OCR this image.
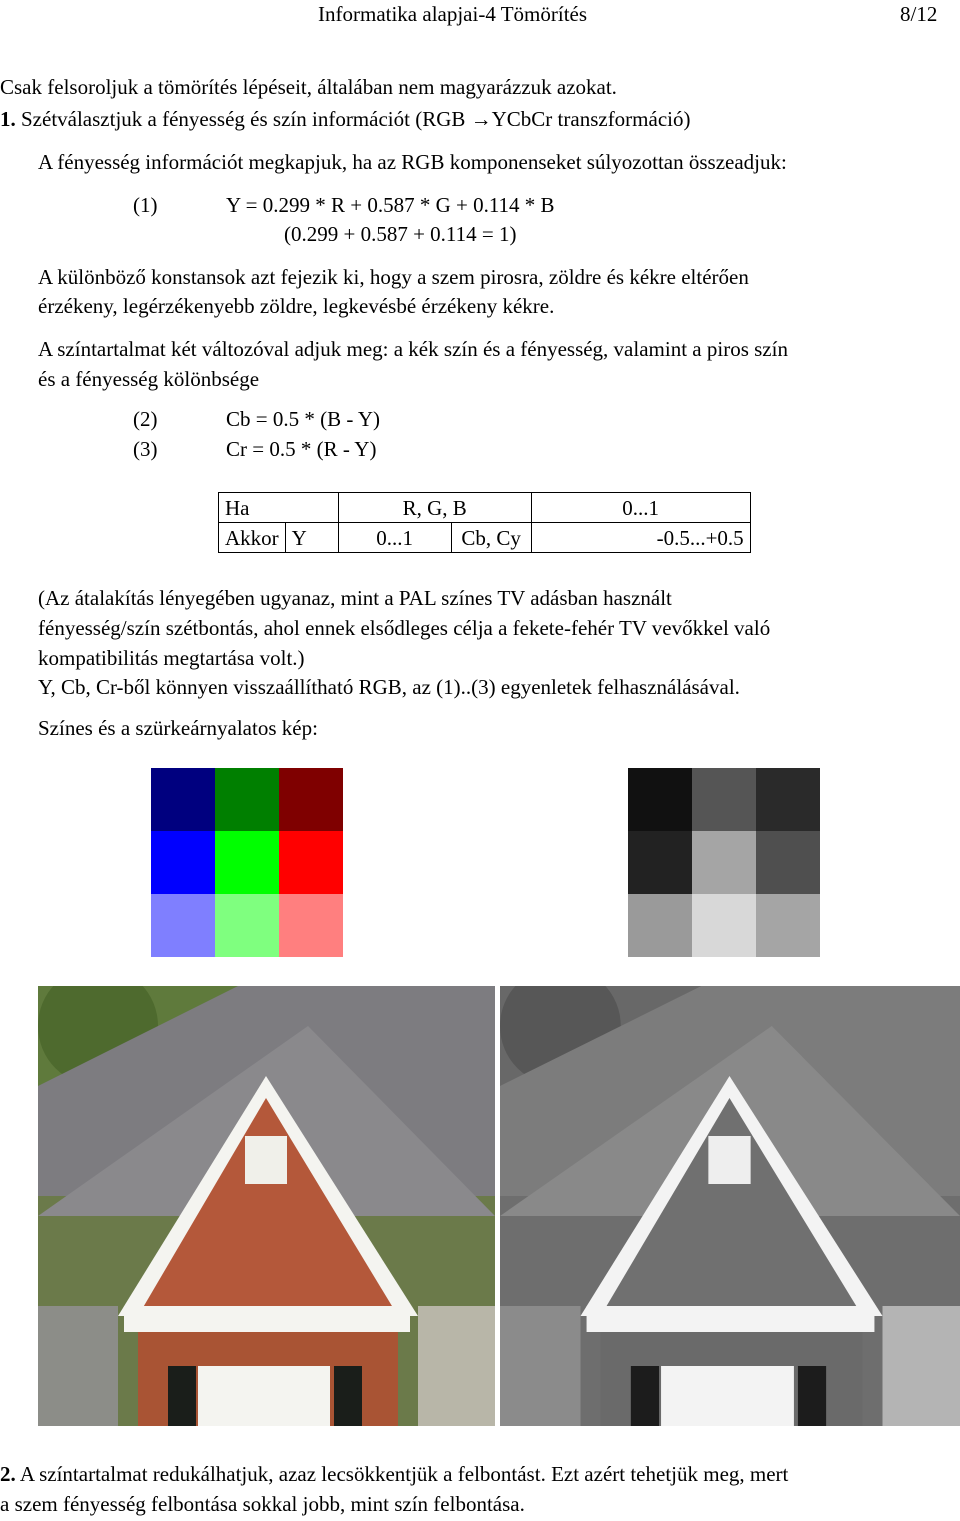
Informatika alapjai-4 Tömörítés	8/12
Csak felsoroljuk a tömörítés lépéseit, általában nem magyarázzuk azokat.
1. Szétválasztjuk a fényesség és szín információt (RGB →YCbCr transzformáció)
A fényesség információt megkapjuk, ha az RGB komponenseket súlyozottan összeadjuk:
(1)	Y = 0.299 * R + 0.587 * G + 0.114 * B
(0.299 + 0.587 + 0.114 = 1)
A különböző konstansok azt fejezik ki, hogy a szem pirosra, zöldre és kékre eltérően
érzékeny, legérzékenyebb zöldre, legkevésbé érzékeny kékre.
A színtartalmat két változóval adjuk meg: a kék szín és a fényesség, valamint a piros szín
és a fényesség kölönbsége
(2)	Cb = 0.5 * (B - Y)
(3)	Cr = 0.5 * (R - Y)
Ha		R, G, B		0...1
Akkor	Y	0...1	Cb, Cy	-0.5...+0.5
(Az átalakítás lényegében ugyanaz, mint a PAL színes TV adásban használt
fényesség/szín szétbontás, ahol ennek elsődleges célja a fekete-fehér TV vevőkkel való
kompatibilitás megtartása volt.)
Y, Cb, Cr-ből könnyen visszaállítható RGB, az (1)..(3) egyenletek felhasználásával.
Színes és a szürkeárnyalatos kép:
2. A színtartalmat redukálhatjuk, azaz lecsökkentjük a felbontást. Ezt azért tehetjük meg, mert
a szem fényesség felbontása sokkal jobb, mint szín felbontása.
